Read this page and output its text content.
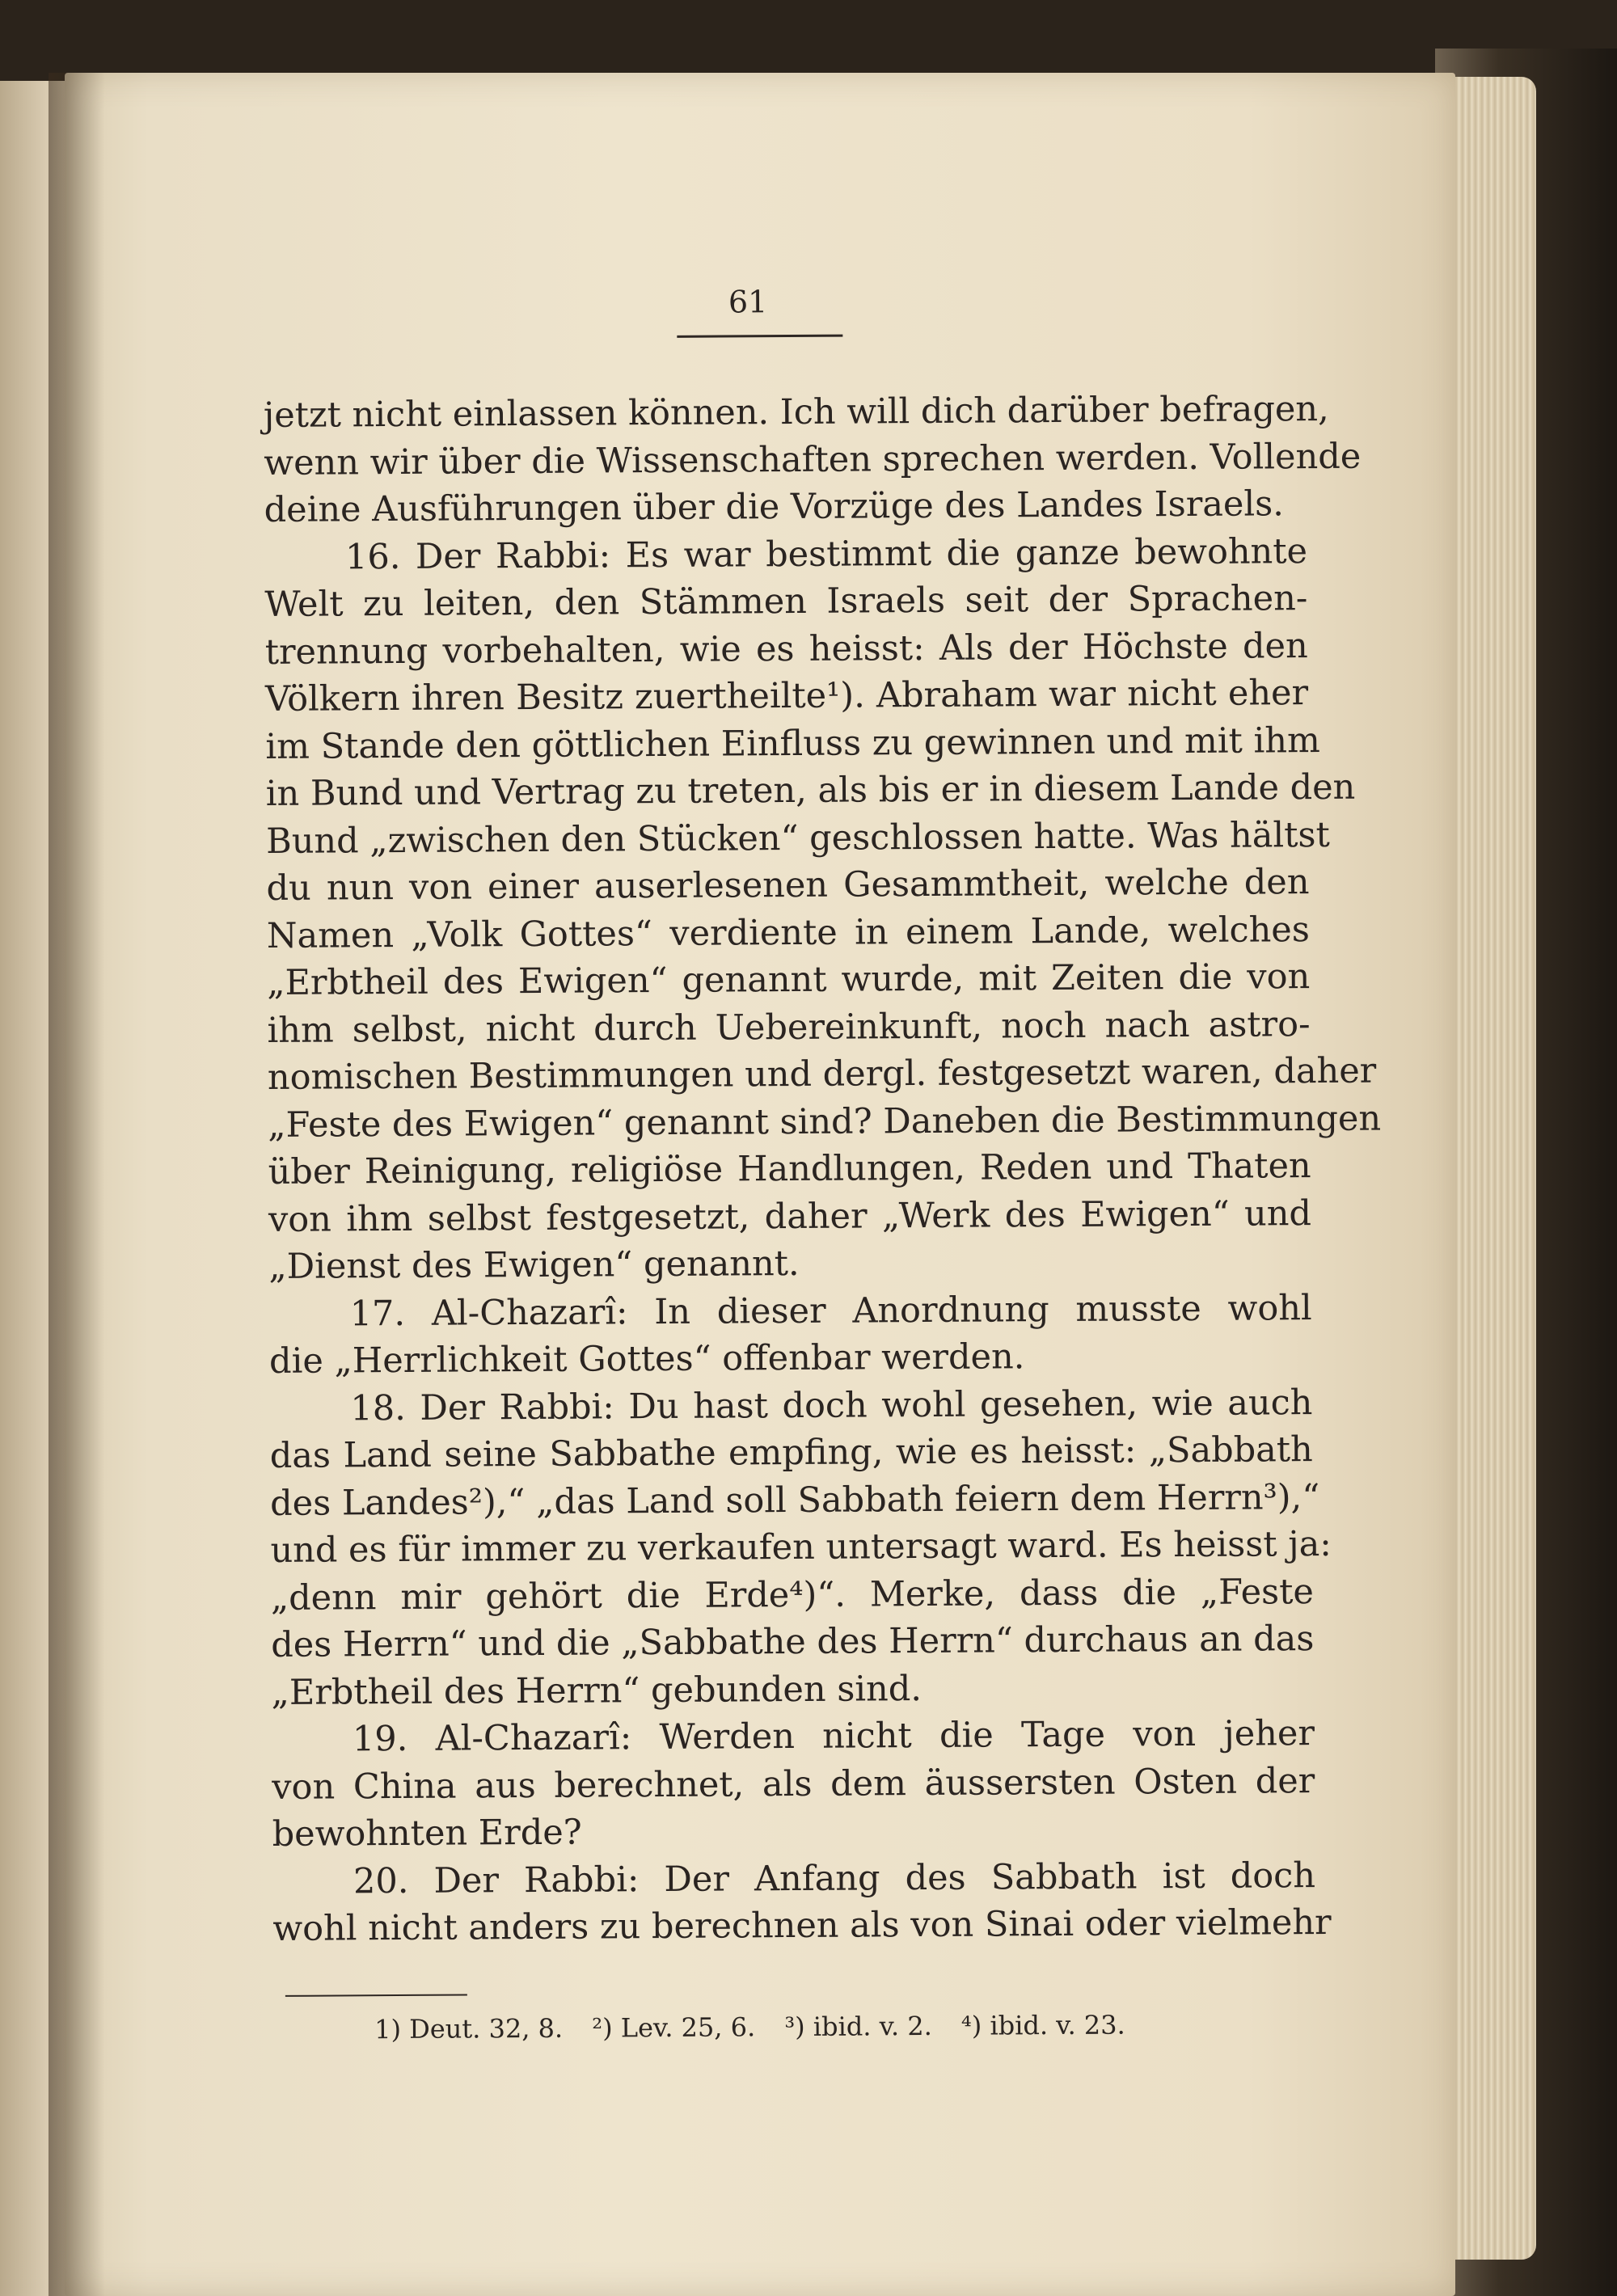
61
jetzt nicht einlassen können. Ich will dich darüber befragen,
wenn wir über die Wissenschaften sprechen werden. Vollende
deine Ausführungen über die Vorzüge des Landes Israels.
16. Der Rabbi: Es war bestimmt die ganze bewohnte
Welt zu leiten, den Stämmen Israels seit der Sprachen-
trennung vorbehalten, wie es heisst: Als der Höchste den
Völkern ihren Besitz zuertheilte¹). Abraham war nicht eher
im Stande den göttlichen Einfluss zu gewinnen und mit ihm
in Bund und Vertrag zu treten, als bis er in diesem Lande den
Bund „zwischen den Stücken“ geschlossen hatte. Was hältst
du nun von einer auserlesenen Gesammtheit, welche den
Namen „Volk Gottes“ verdiente in einem Lande, welches
„Erbtheil des Ewigen“ genannt wurde, mit Zeiten die von
ihm selbst, nicht durch Uebereinkunft, noch nach astro-
nomischen Bestimmungen und dergl. festgesetzt waren, daher
„Feste des Ewigen“ genannt sind? Daneben die Bestimmungen
über Reinigung, religiöse Handlungen, Reden und Thaten
von ihm selbst festgesetzt, daher „Werk des Ewigen“ und
„Dienst des Ewigen“ genannt.
17. Al-Chazarî: In dieser Anordnung musste wohl
die „Herrlichkeit Gottes“ offenbar werden.
18. Der Rabbi: Du hast doch wohl gesehen, wie auch
das Land seine Sabbathe empfing, wie es heisst: „Sabbath
des Landes²),“ „das Land soll Sabbath feiern dem Herrn³),“
und es für immer zu verkaufen untersagt ward. Es heisst ja:
„denn mir gehört die Erde⁴)“. Merke, dass die „Feste
des Herrn“ und die „Sabbathe des Herrn“ durchaus an das
„Erbtheil des Herrn“ gebunden sind.
19. Al-Chazarî: Werden nicht die Tage von jeher
von China aus berechnet, als dem äussersten Osten der
bewohnten Erde?
20. Der Rabbi: Der Anfang des Sabbath ist doch
wohl nicht anders zu berechnen als von Sinai oder vielmehr
1) Deut. 32, 8. ²) Lev. 25, 6. ³) ibid. v. 2. ⁴) ibid. v. 23.
